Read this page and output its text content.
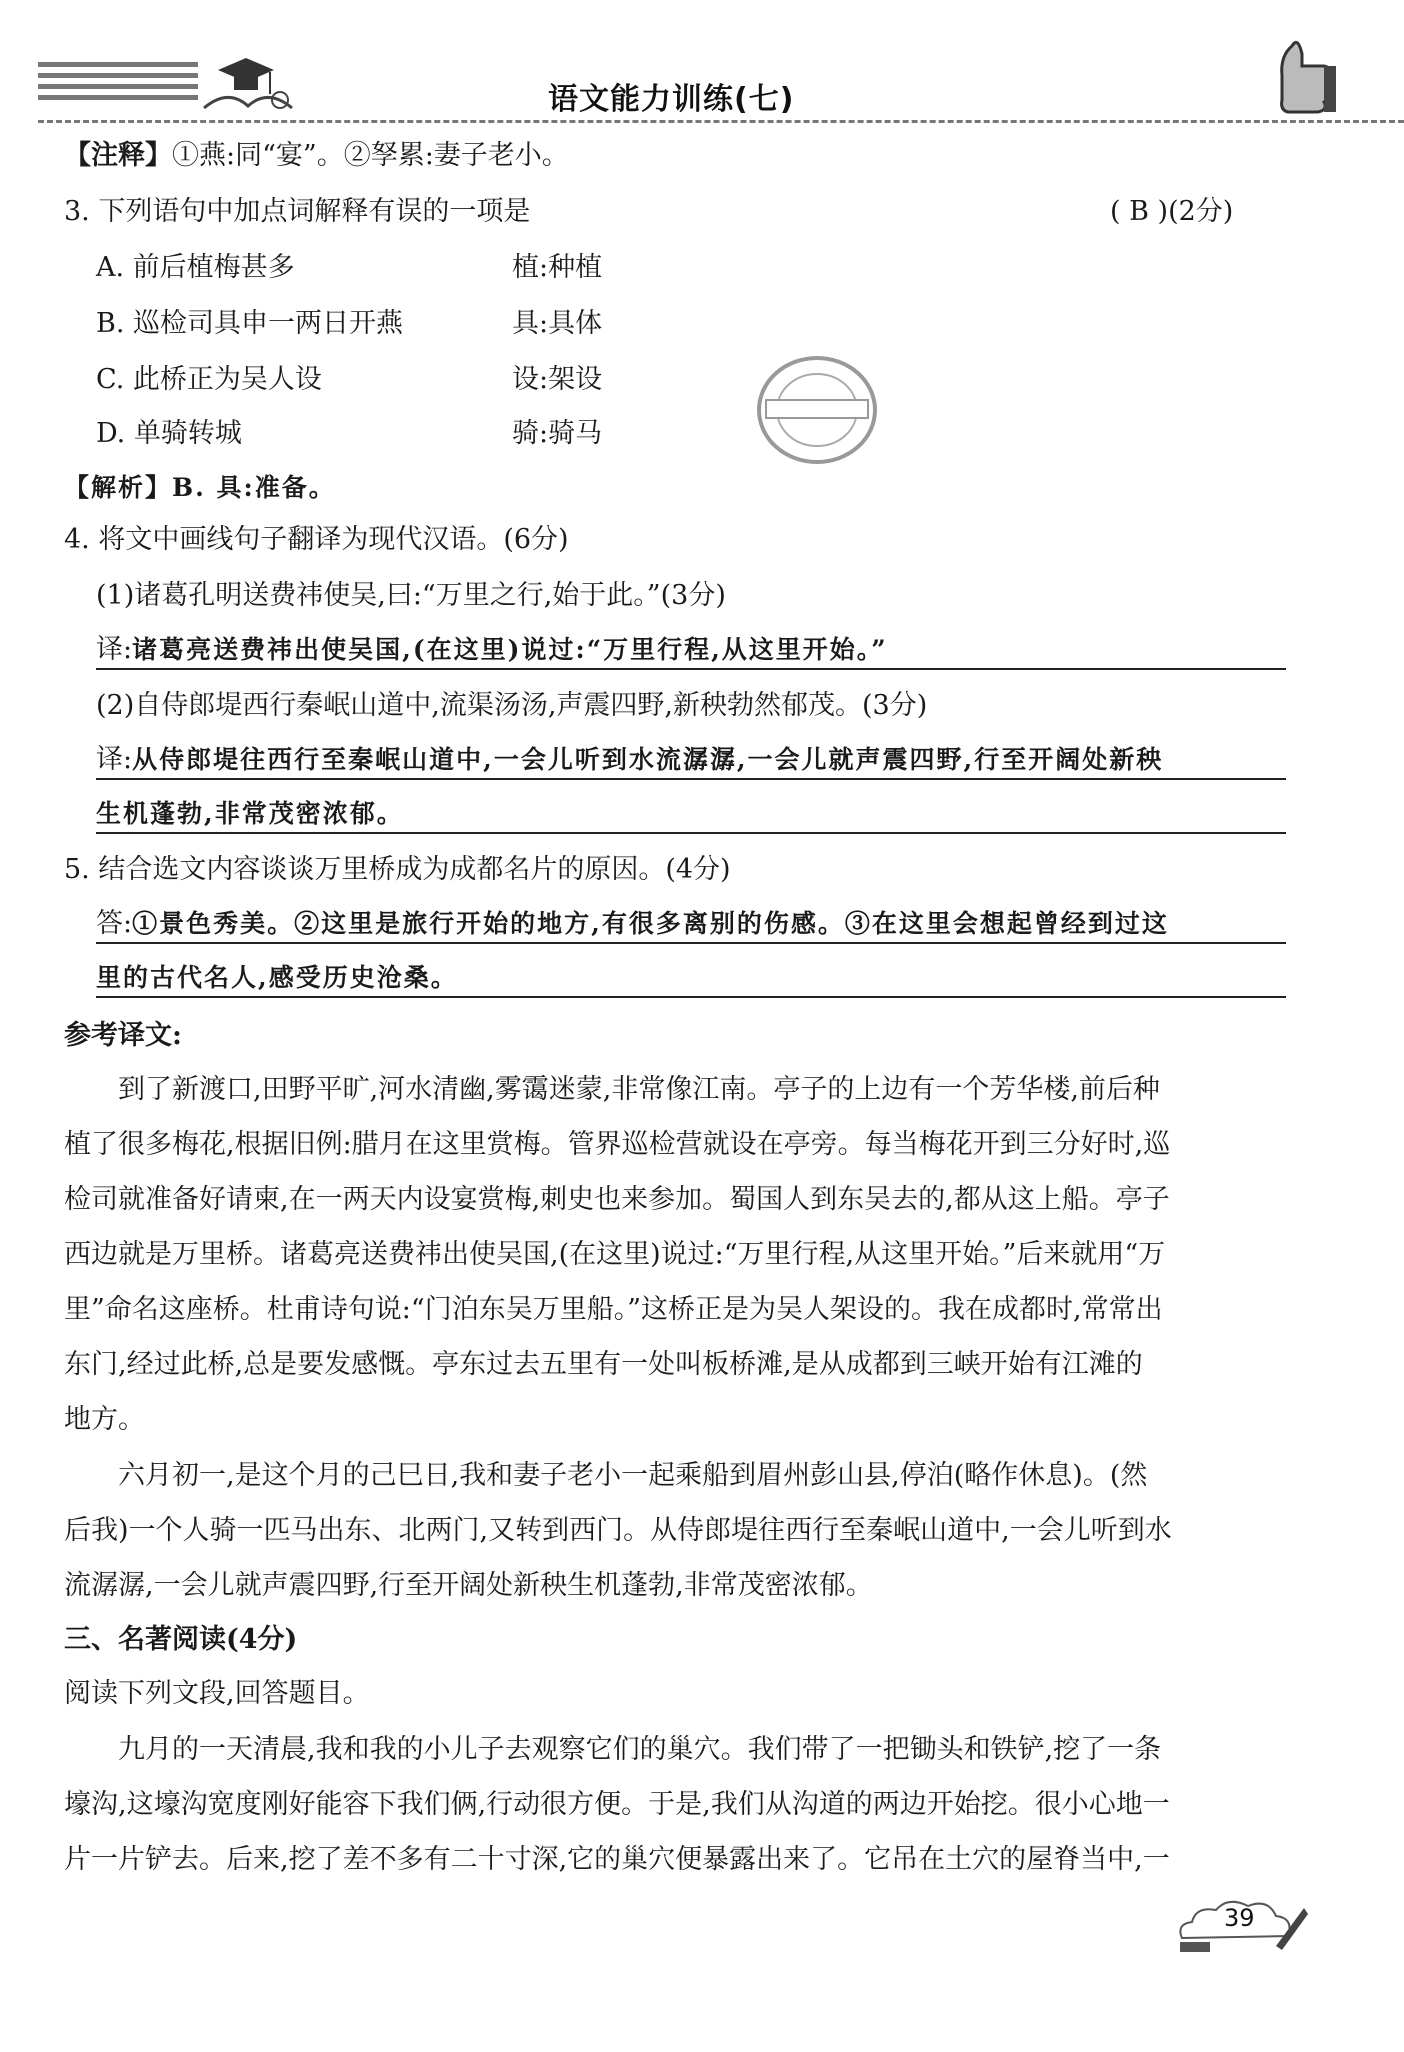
语文能力训练(七)
【注释】①燕:同“宴”。②孥累:妻子老小。
3. 下列语句中加点词解释有误的一项是	( B )(2分)
A. 前后植梅甚多	植:种植
B. 巡检司具申一两日开燕	具:具体
C. 此桥正为吴人设	设:架设
D. 单骑转城	骑:骑马
【解析】B. 具:准备。
4. 将文中画线句子翻译为现代汉语。(6分)
(1)诸葛孔明送费祎使吴,曰:“万里之行,始于此。”(3分)
译:诸葛亮送费祎出使吴国,(在这里)说过:“万里行程,从这里开始。”
(2)自侍郎堤西行秦岷山道中,流渠汤汤,声震四野,新秧勃然郁茂。(3分)
译:从侍郎堤往西行至秦岷山道中,一会儿听到水流潺潺,一会儿就声震四野,行至开阔处新秧
生机蓬勃,非常茂密浓郁。
5. 结合选文内容谈谈万里桥成为成都名片的原因。(4分)
答:①景色秀美。②这里是旅行开始的地方,有很多离别的伤感。③在这里会想起曾经到过这
里的古代名人,感受历史沧桑。
参考译文:
到了新渡口,田野平旷,河水清幽,雾霭迷蒙,非常像江南。亭子的上边有一个芳华楼,前后种
植了很多梅花,根据旧例:腊月在这里赏梅。管界巡检营就设在亭旁。每当梅花开到三分好时,巡
检司就准备好请柬,在一两天内设宴赏梅,刺史也来参加。蜀国人到东吴去的,都从这上船。亭子
西边就是万里桥。诸葛亮送费祎出使吴国,(在这里)说过:“万里行程,从这里开始。”后来就用“万
里”命名这座桥。杜甫诗句说:“门泊东吴万里船。”这桥正是为吴人架设的。我在成都时,常常出
东门,经过此桥,总是要发感慨。亭东过去五里有一处叫板桥滩,是从成都到三峡开始有江滩的
地方。
六月初一,是这个月的己巳日,我和妻子老小一起乘船到眉州彭山县,停泊(略作休息)。(然
后我)一个人骑一匹马出东、北两门,又转到西门。从侍郎堤往西行至秦岷山道中,一会儿听到水
流潺潺,一会儿就声震四野,行至开阔处新秧生机蓬勃,非常茂密浓郁。
三、名著阅读(4分)
阅读下列文段,回答题目。
九月的一天清晨,我和我的小儿子去观察它们的巢穴。我们带了一把锄头和铁铲,挖了一条
壕沟,这壕沟宽度刚好能容下我们俩,行动很方便。于是,我们从沟道的两边开始挖。很小心地一
片一片铲去。后来,挖了差不多有二十寸深,它的巢穴便暴露出来了。它吊在土穴的屋脊当中,一
39
